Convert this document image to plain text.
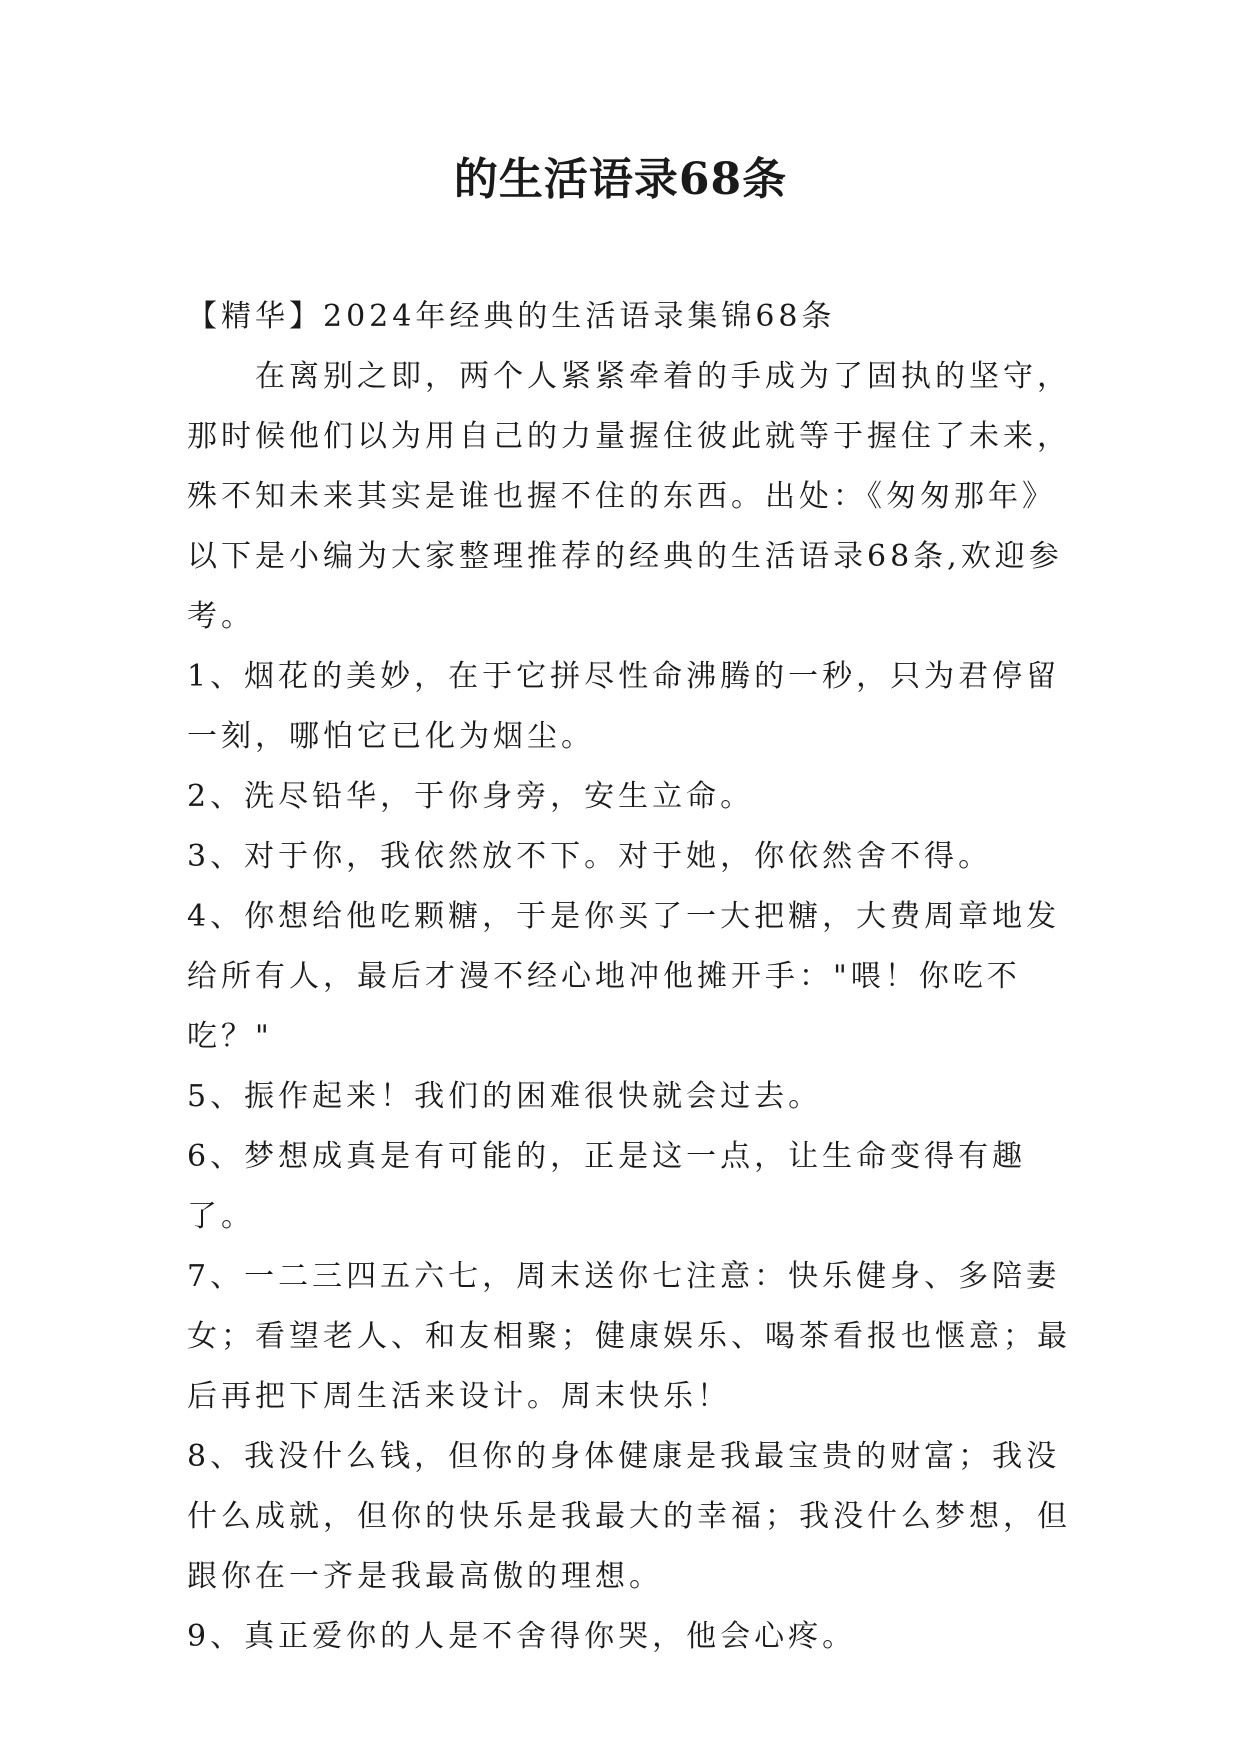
的生活语录68条

【精华】2024年经典的生活语录集锦68条

在离别之即，两个人紧紧牵着的手成为了固执的坚守，那时候他们以为用自己的力量握住彼此就等于握住了未来，殊不知未来其实是谁也握不住的东西。出处：《匆匆那年》

以下是小编为大家整理推荐的经典的生活语录68条,欢迎参考。

1、烟花的美妙，在于它拼尽性命沸腾的一秒，只为君停留一刻，哪怕它已化为烟尘。

2、洗尽铅华，于你身旁，安生立命。

3、对于你，我依然放不下。对于她，你依然舍不得。

4、你想给他吃颗糖，于是你买了一大把糖，大费周章地发给所有人，最后才漫不经心地冲他摊开手："喂！你吃不吃？"

5、振作起来！我们的困难很快就会过去。

6、梦想成真是有可能的，正是这一点，让生命变得有趣了。

7、一二三四五六七，周末送你七注意：快乐健身、多陪妻女；看望老人、和友相聚；健康娱乐、喝茶看报也惬意；最后再把下周生活来设计。周末快乐！

8、我没什么钱，但你的身体健康是我最宝贵的财富；我没什么成就，但你的快乐是我最大的幸福；我没什么梦想，但跟你在一齐是我最高傲的理想。

9、真正爱你的人是不舍得你哭，他会心疼。
